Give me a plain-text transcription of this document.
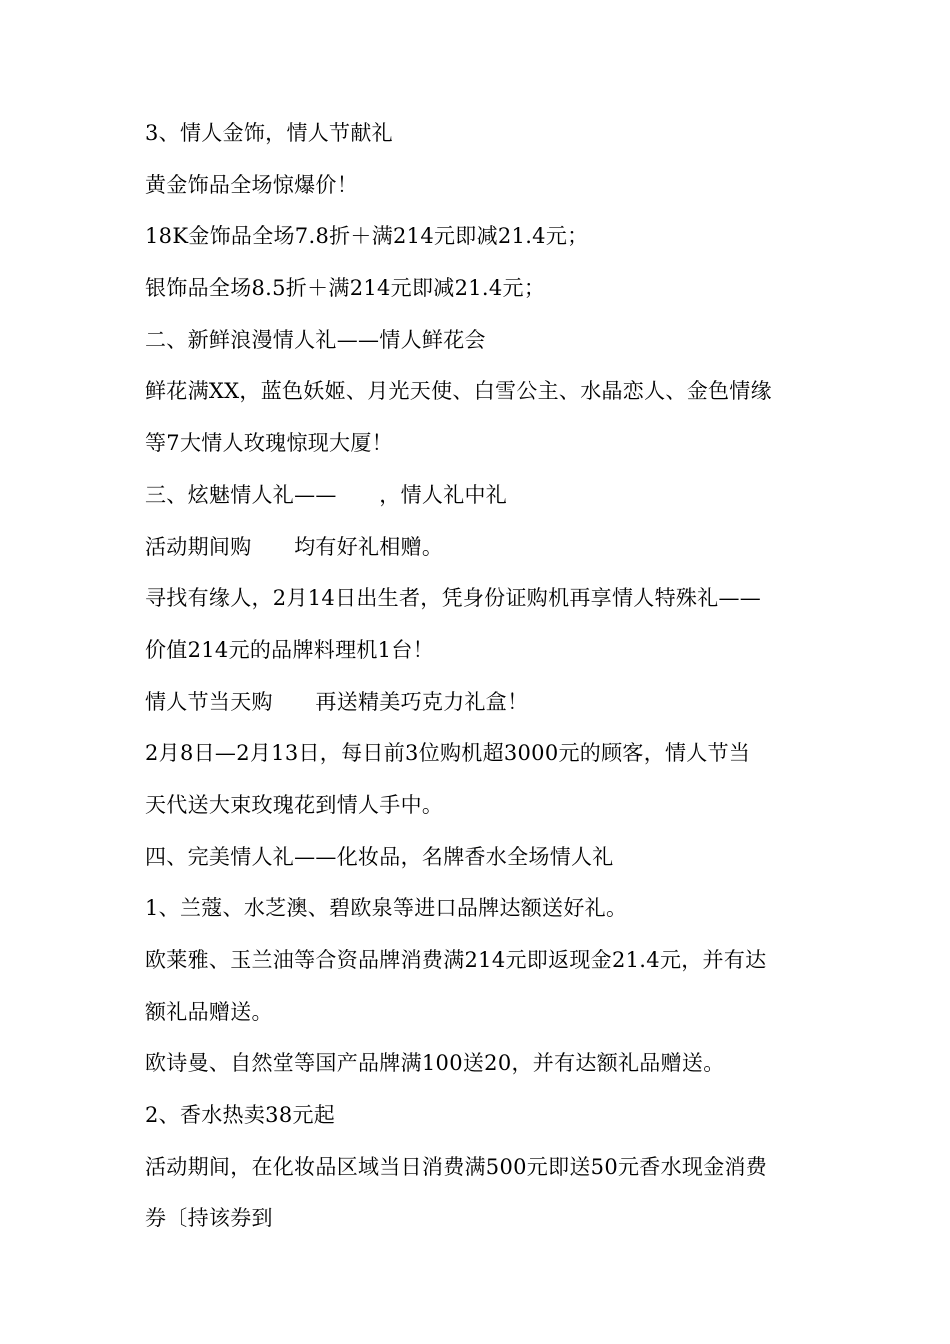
3、情人金饰，情人节献礼

黄金饰品全场惊爆价！

18K金饰品全场7.8折＋满214元即减21.4元；

银饰品全场8.5折＋满214元即减21.4元；

二、新鲜浪漫情人礼——情人鲜花会

鲜花满XX，蓝色妖姬、月光天使、白雪公主、水晶恋人、金色情缘

等7大情人玫瑰惊现大厦！

三、炫魅情人礼——　　，情人礼中礼

活动期间购　　均有好礼相赠。

寻找有缘人，2月14日出生者，凭身份证购机再享情人特殊礼——

价值214元的品牌料理机1台！

情人节当天购　　再送精美巧克力礼盒！

2月8日—2月13日，每日前3位购机超3000元的顾客，情人节当

天代送大束玫瑰花到情人手中。

四、完美情人礼——化妆品，名牌香水全场情人礼

1、兰蔻、水芝澳、碧欧泉等进口品牌达额送好礼。

欧莱雅、玉兰油等合资品牌消费满214元即返现金21.4元，并有达

额礼品赠送。

欧诗曼、自然堂等国产品牌满100送20，并有达额礼品赠送。

2、香水热卖38元起

活动期间，在化妆品区域当日消费满500元即送50元香水现金消费

券〔持该券到
